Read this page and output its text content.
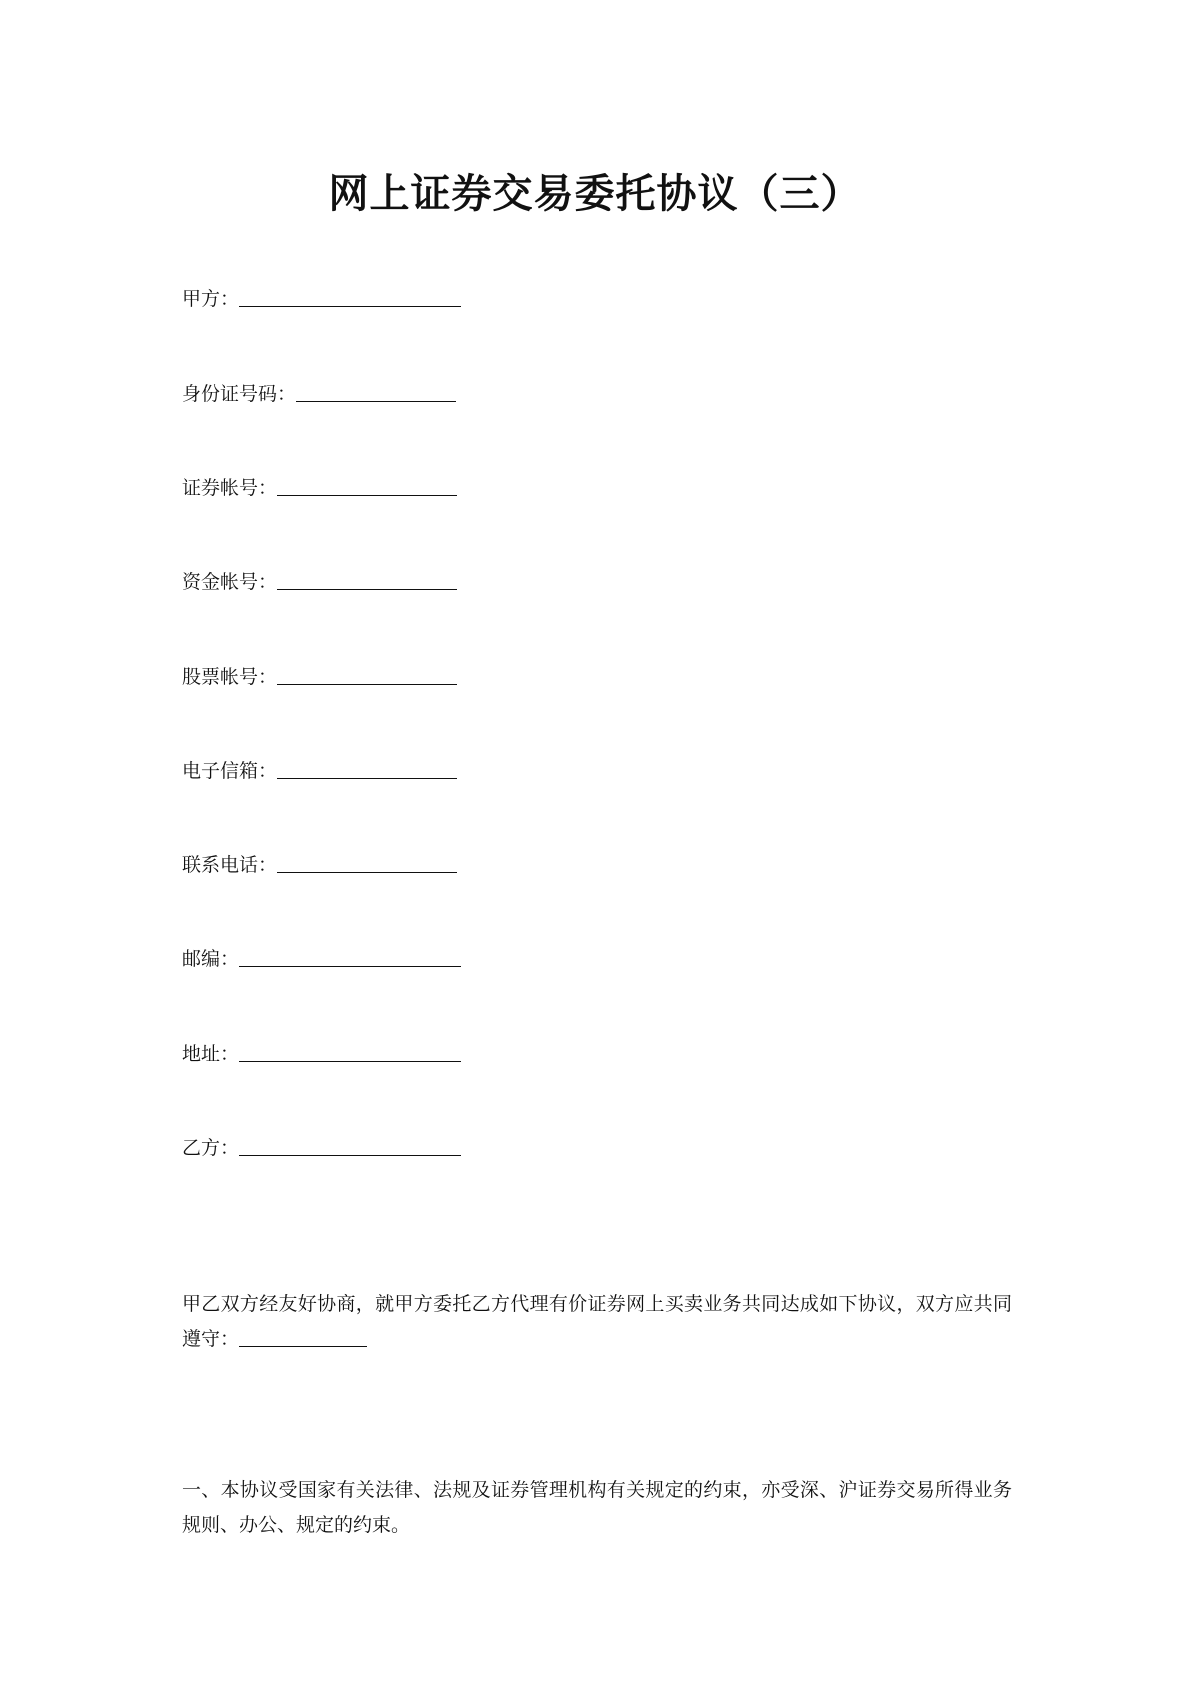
网上证券交易委托协议（三）
甲方：
身份证号码：
证券帐号：
资金帐号：
股票帐号：
电子信箱：
联系电话：
邮编：
地址：
乙方：

甲乙双方经友好协商，就甲方委托乙方代理有价证券网上买卖业务共同达成如下协议，双方应共同遵守：

一、本协议受国家有关法律、法规及证券管理机构有关规定的约束，亦受深、沪证券交易所得业务规则、办公、规定的约束。
